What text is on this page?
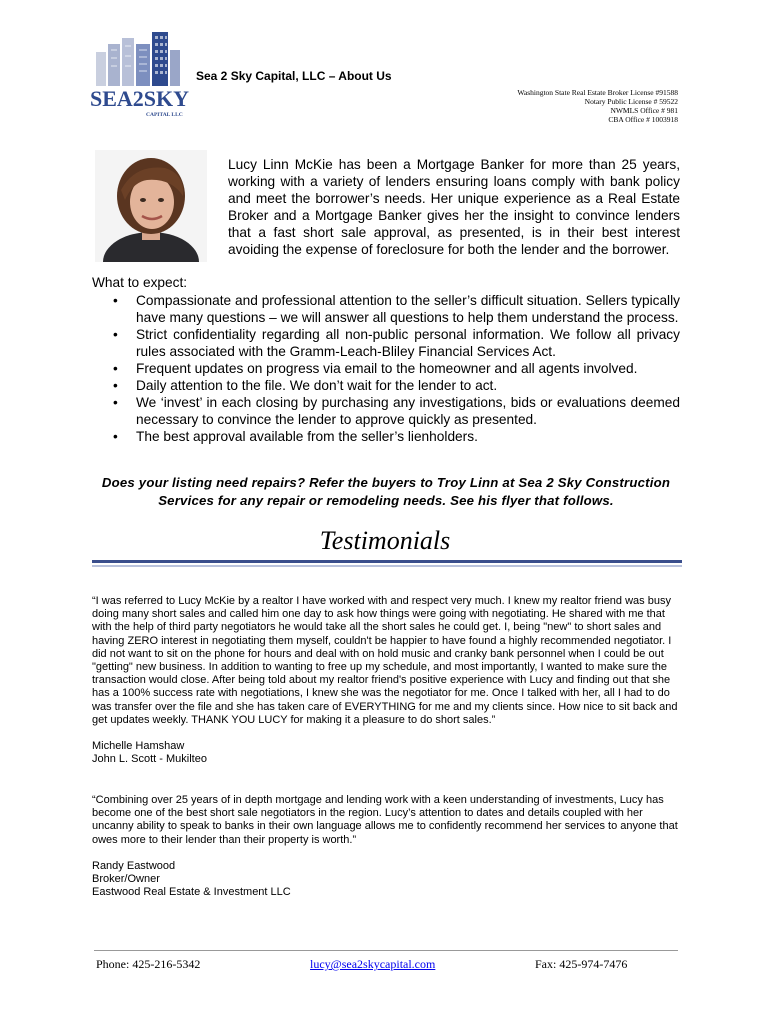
SEA2SKY
CAPITAL LLC
Sea 2 Sky Capital, LLC – About Us
Washington State Real Estate Broker License #91588
Notary Public License # 59522
NWMLS Office # 981
CBA Office # 1003918

Lucy Linn McKie has been a Mortgage Banker for more than 25 years, working with a variety of lenders ensuring loans comply with bank policy and meet the borrower’s needs. Her unique experience as a Real Estate Broker and a Mortgage Banker gives her the insight to convince lenders that a fast short sale approval, as presented, is in their best interest avoiding the expense of foreclosure for both the lender and the borrower.

What to expect:
• Compassionate and professional attention to the seller’s difficult situation. Sellers typically have many questions – we will answer all questions to help them understand the process.
• Strict confidentiality regarding all non-public personal information. We follow all privacy rules associated with the Gramm-Leach-Bliley Financial Services Act.
• Frequent updates on progress via email to the homeowner and all agents involved.
• Daily attention to the file. We don’t wait for the lender to act.
• We ‘invest’ in each closing by purchasing any investigations, bids or evaluations deemed necessary to convince the lender to approve quickly as presented.
• The best approval available from the seller’s lienholders.

Does your listing need repairs? Refer the buyers to Troy Linn at Sea 2 Sky Construction Services for any repair or remodeling needs. See his flyer that follows.

Testimonials

“I was referred to Lucy McKie by a realtor I have worked with and respect very much. I knew my realtor friend was busy doing many short sales and called him one day to ask how things were going with negotiating. He shared with me that with the help of third party negotiators he would take all the short sales he could get. I, being "new" to short sales and having ZERO interest in negotiating them myself, couldn't be happier to have found a highly recommended negotiator. I did not want to sit on the phone for hours and deal with on hold music and cranky bank personnel when I could be out "getting" new business. In addition to wanting to free up my schedule, and most importantly, I wanted to make sure the transaction would close. After being told about my realtor friend's positive experience with Lucy and finding out that she has a 100% success rate with negotiations, I knew she was the negotiator for me. Once I talked with her, all I had to do was transfer over the file and she has taken care of EVERYTHING for me and my clients since. How nice to sit back and get updates weekly. THANK YOU LUCY for making it a pleasure to do short sales.”

Michelle Hamshaw
John L. Scott - Mukilteo

“Combining over 25 years of in depth mortgage and lending work with a keen understanding of investments, Lucy has become one of the best short sale negotiators in the region. Lucy’s attention to dates and details coupled with her uncanny ability to speak to banks in their own language allows me to confidently recommend her services to anyone that owes more to their lender than their property is worth.”

Randy Eastwood
Broker/Owner
Eastwood Real Estate & Investment LLC
Phone: 425-216-5342	lucy@sea2skycapital.com	Fax: 425-974-7476
